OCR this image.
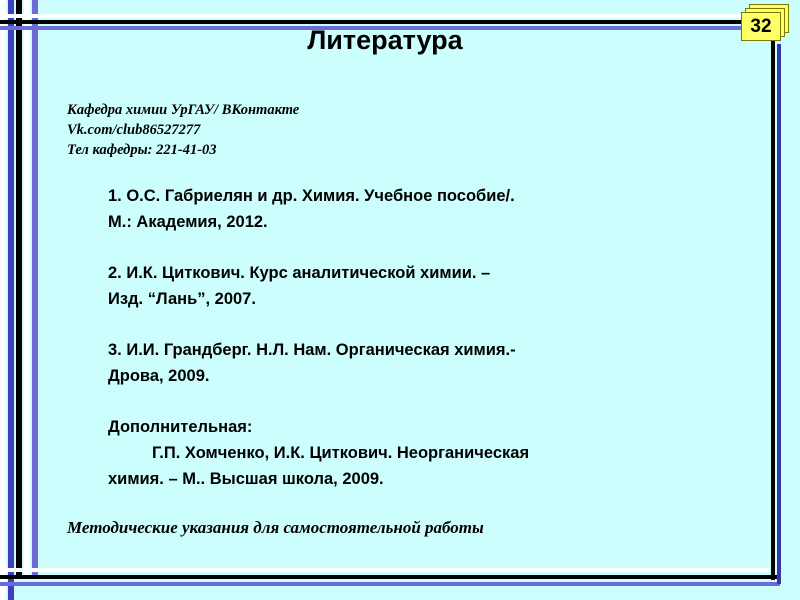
32
Литература
Кафедра химии УрГАУ/ ВКонтакте
Vk.com/club86527277
Тел кафедры: 221-41-03

1. О.С. Габриелян и др. Химия. Учебное пособие/.
М.: Академия, 2012.

2. И.К. Циткович. Курс аналитической химии. –
Изд. “Лань”, 2007.

3. И.И. Грандберг. Н.Л. Нам. Органическая химия.-
Дрова, 2009.

Дополнительная:
Г.П. Хомченко, И.К. Циткович. Неорганическая
химия. – М.. Высшая школа, 2009.

Методические указания для самостоятельной работы
